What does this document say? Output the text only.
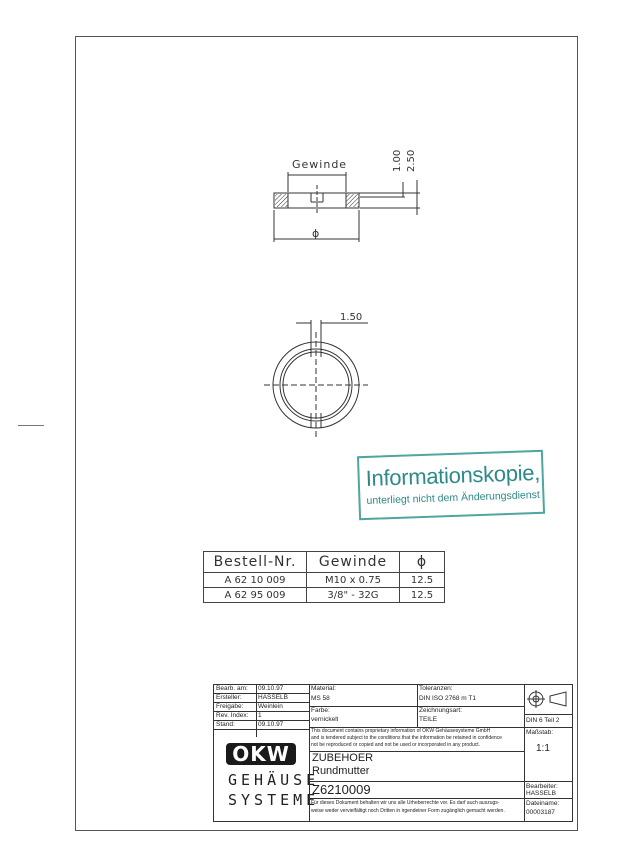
Gewinde
ϕ
1.00 2.50
1.50
Informationskopie,
unterliegt nicht dem Änderungsdienst
Bestell-Nr.	Gewinde	ϕ
A 62 10 009	M10 x 0.75	12.5
A 62 95 009	3/8" - 32G	12.5
Bearb. am: 09.10.97
Ersteller:	HASSELB
Freigabe: Weinlein
Rev. Index: 1
Stand:	09.10.97
OKW
GEHÄUSE
SYSTEME
Material:
MS 58
Farbe:
vernickelt
Toleranzen:
DIN ISO 2768 m T1
Zeichnungsart:
TEILE
This document contains proprietary information of OKW Gehäusesysteme GmbH
and is tendered subject to the conditions that the information be retained in confidence
not be reproduced or copied and not be used or incorporated in any product.
ZUBEHOER
Rundmutter
Z6210009
Für dieses Dokument behalten wir uns alle Urheberrechte vor. Es darf auch auszugs-
weise weder vervielfältigt noch Dritten in irgendeiner Form zugänglich gemacht werden.
DIN 6 Teil 2
Maßstab:
1:1
Bearbeiter:
HASSELB
Dateiname:
00003187
